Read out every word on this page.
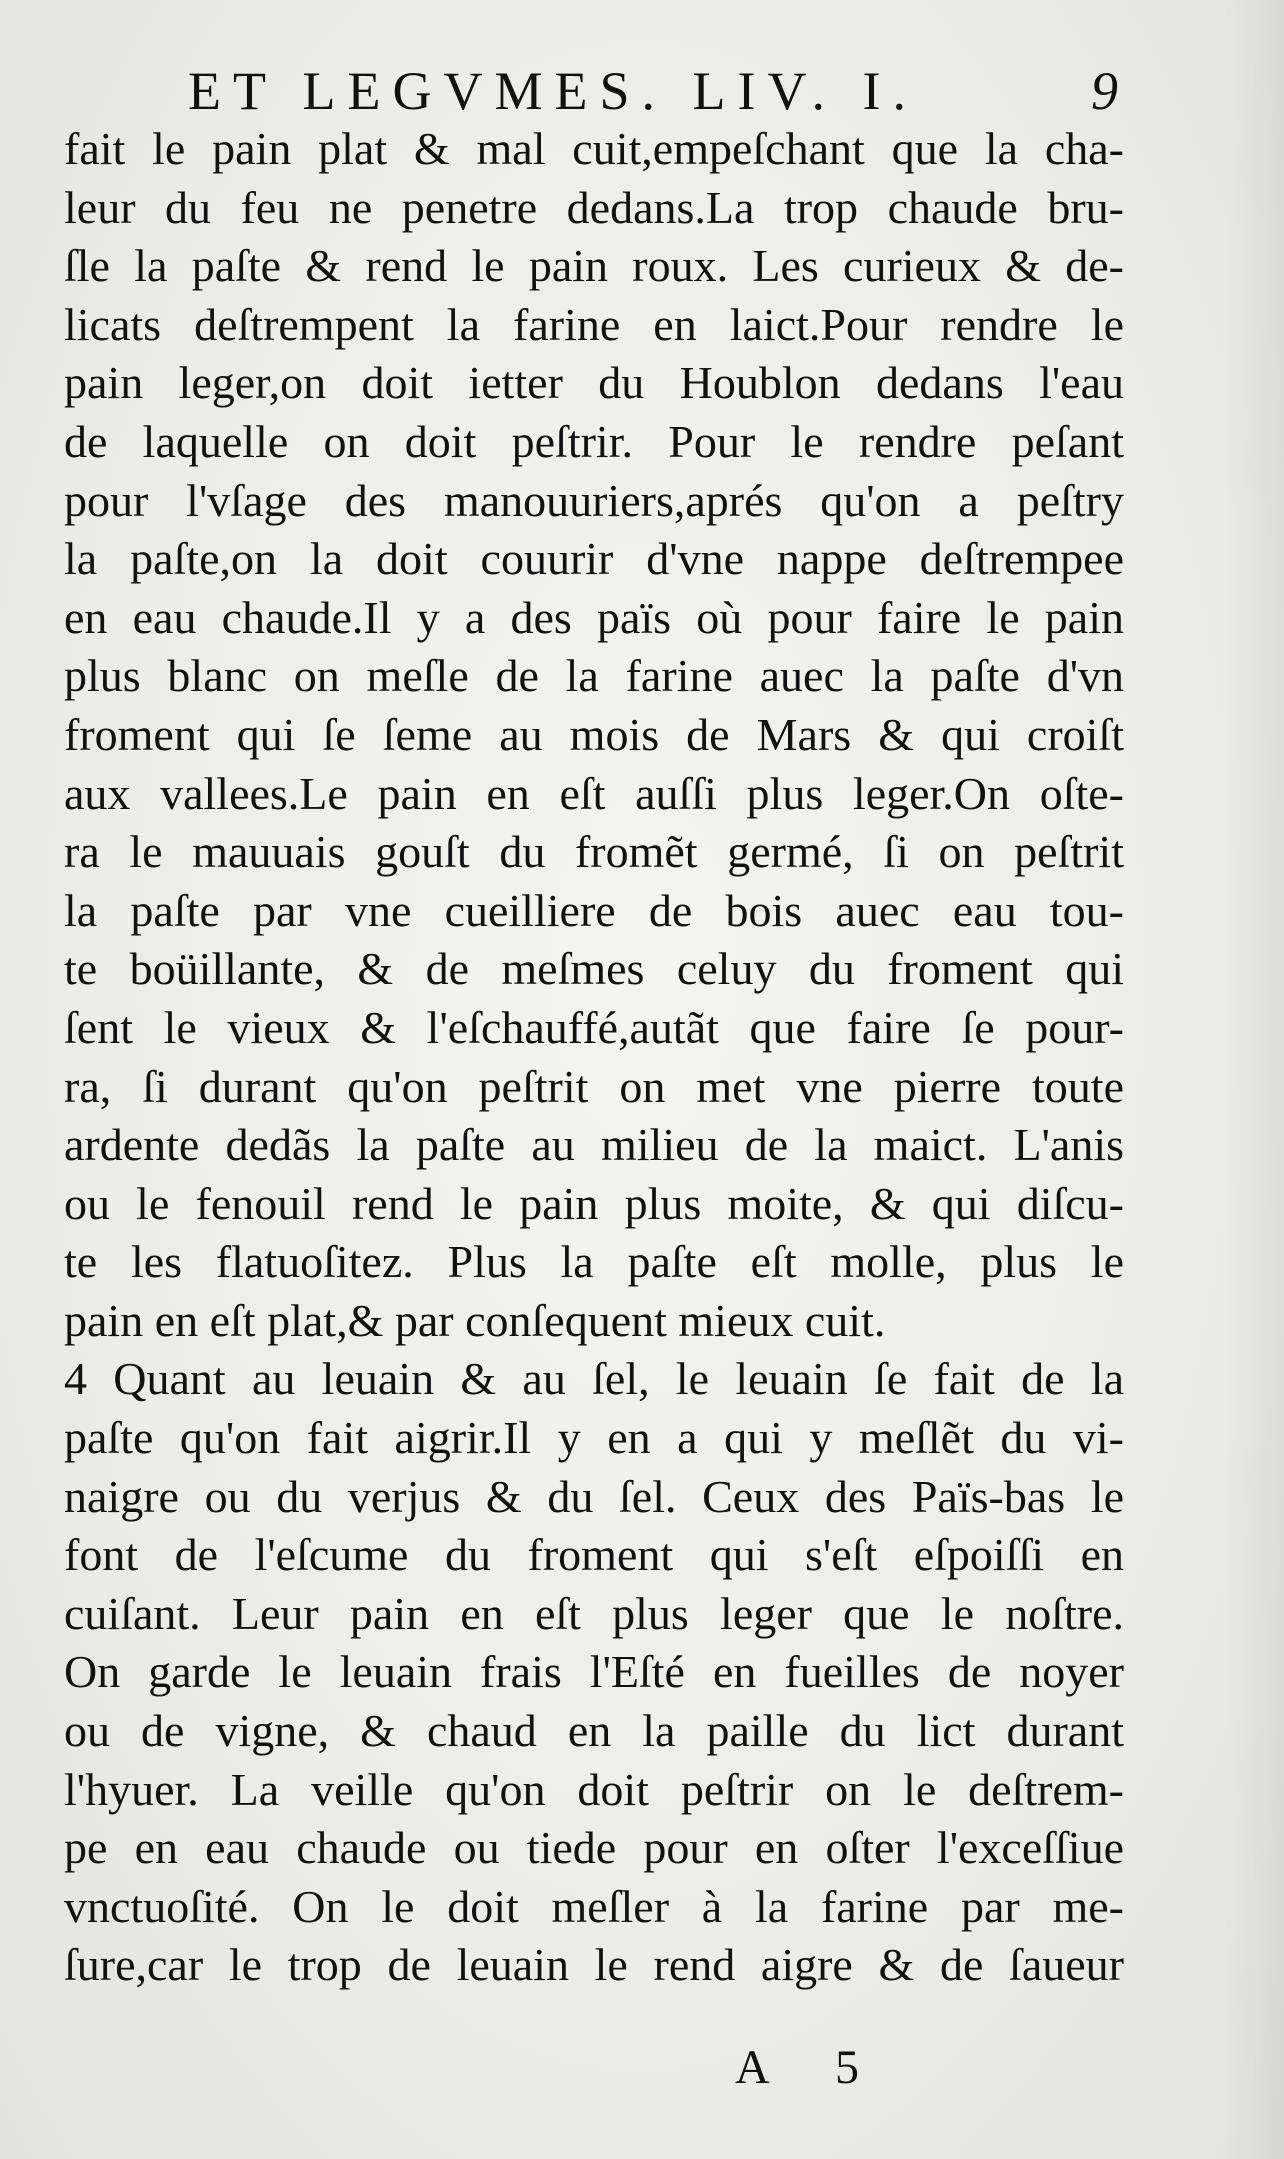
ET LEGVMES. LIV. I.	9
fait le pain plat & mal cuit,empeſchant que la cha-
leur du feu ne penetre dedans.La trop chaude bru-
ſle la paſte & rend le pain roux. Les curieux & de-
licats deſtrempent la farine en laict.Pour rendre le
pain leger,on doit ietter du Houblon dedans l'eau
de laquelle on doit peſtrir. Pour le rendre peſant
pour l'vſage des manouuriers,aprés qu'on a peſtry
la paſte,on la doit couurir d'vne nappe deſtrempee
en eau chaude.Il y a des païs où pour faire le pain
plus blanc on meſle de la farine auec la paſte d'vn
froment qui ſe ſeme au mois de Mars & qui croiſt
aux vallees.Le pain en eſt auſſi plus leger.On oſte-
ra le mauuais gouſt du fromẽt germé, ſi on peſtrit
la paſte par vne cueilliere de bois auec eau tou-
te boüillante, & de meſmes celuy du froment qui
ſent le vieux & l'eſchauffé,autãt que faire ſe pour-
ra, ſi durant qu'on peſtrit on met vne pierre toute
ardente dedãs la paſte au milieu de la maict. L'anis
ou le fenouil rend le pain plus moite, & qui diſcu-
te les flatuoſitez. Plus la paſte eſt molle, plus le
pain en eſt plat,& par conſequent mieux cuit.
4 Quant au leuain & au ſel, le leuain ſe fait de la
paſte qu'on fait aigrir.Il y en a qui y meſlẽt du vi-
naigre ou du verjus & du ſel. Ceux des Païs-bas le
font de l'eſcume du froment qui s'eſt eſpoiſſi en
cuiſant. Leur pain en eſt plus leger que le noſtre.
On garde le leuain frais l'Eſté en fueilles de noyer
ou de vigne, & chaud en la paille du lict durant
l'hyuer. La veille qu'on doit peſtrir on le deſtrem-
pe en eau chaude ou tiede pour en oſter l'exceſſiue
vnctuoſité. On le doit meſler à la farine par me-
ſure,car le trop de leuain le rend aigre & de ſaueur
A 5
